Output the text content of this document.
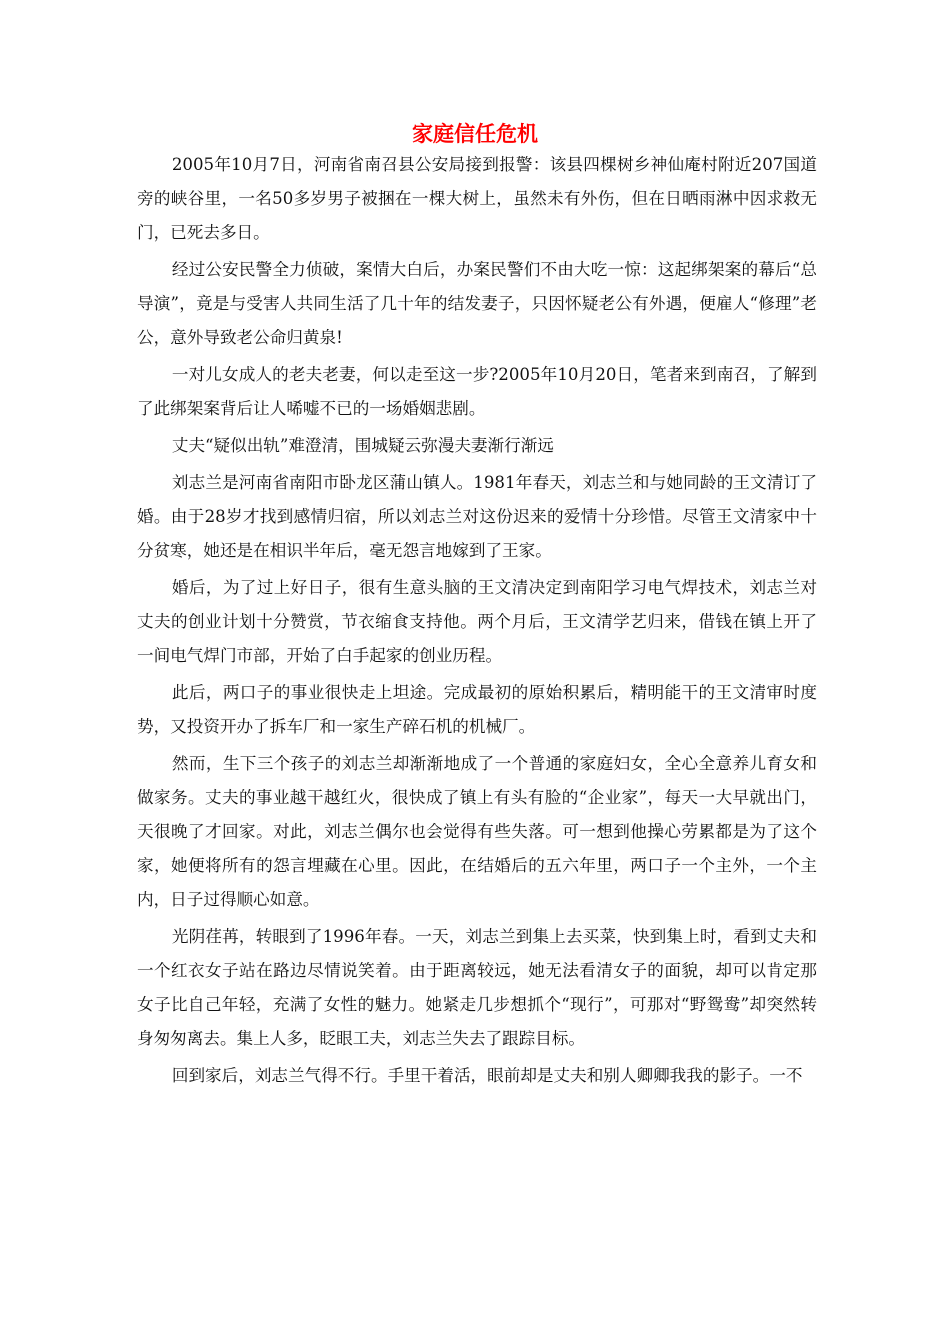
家庭信任危机

2005年10月7日，河南省南召县公安局接到报警：该县四棵树乡神仙庵村附近207国道旁的峡谷里，一名50多岁男子被捆在一棵大树上，虽然未有外伤，但在日晒雨淋中因求救无门，已死去多日。

经过公安民警全力侦破，案情大白后，办案民警们不由大吃一惊：这起绑架案的幕后“总导演”，竟是与受害人共同生活了几十年的结发妻子，只因怀疑老公有外遇，便雇人“修理”老公，意外导致老公命归黄泉!

一对儿女成人的老夫老妻，何以走至这一步?2005年10月20日，笔者来到南召，了解到了此绑架案背后让人唏嘘不已的一场婚姻悲剧。

丈夫“疑似出轨”难澄清，围城疑云弥漫夫妻渐行渐远

刘志兰是河南省南阳市卧龙区蒲山镇人。1981年春天，刘志兰和与她同龄的王文清订了婚。由于28岁才找到感情归宿，所以刘志兰对这份迟来的爱情十分珍惜。尽管王文清家中十分贫寒，她还是在相识半年后，毫无怨言地嫁到了王家。

婚后，为了过上好日子，很有生意头脑的王文清决定到南阳学习电气焊技术，刘志兰对丈夫的创业计划十分赞赏，节衣缩食支持他。两个月后，王文清学艺归来，借钱在镇上开了一间电气焊门市部，开始了白手起家的创业历程。

此后，两口子的事业很快走上坦途。完成最初的原始积累后，精明能干的王文清审时度势，又投资开办了拆车厂和一家生产碎石机的机械厂。

然而，生下三个孩子的刘志兰却渐渐地成了一个普通的家庭妇女，全心全意养儿育女和做家务。丈夫的事业越干越红火，很快成了镇上有头有脸的“企业家”，每天一大早就出门，天很晚了才回家。对此，刘志兰偶尔也会觉得有些失落。可一想到他操心劳累都是为了这个家，她便将所有的怨言埋藏在心里。因此，在结婚后的五六年里，两口子一个主外，一个主内，日子过得顺心如意。

光阴荏苒，转眼到了1996年春。一天，刘志兰到集上去买菜，快到集上时，看到丈夫和一个红衣女子站在路边尽情说笑着。由于距离较远，她无法看清女子的面貌，却可以肯定那女子比自己年轻，充满了女性的魅力。她紧走几步想抓个“现行”，可那对“野鸳鸯”却突然转身匆匆离去。集上人多，眨眼工夫，刘志兰失去了跟踪目标。

回到家后，刘志兰气得不行。手里干着活，眼前却是丈夫和别人卿卿我我的影子。一不
